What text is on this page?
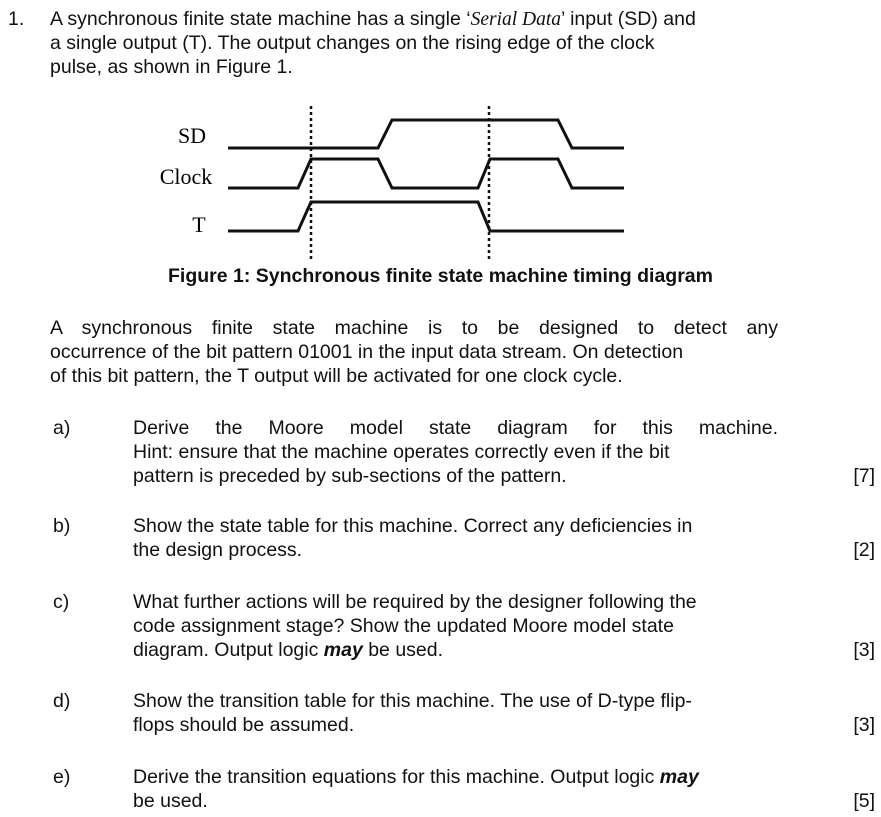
1. A synchronous finite state machine has a single ‘Serial Data’ input (SD) and
a single output (T). The output changes on the rising edge of the clock
pulse, as shown in Figure 1.
SD
Clock
T
Figure 1: Synchronous finite state machine timing diagram
A synchronous finite state machine is to be designed to detect any
occurrence of the bit pattern 01001 in the input data stream. On detection
of this bit pattern, the T output will be activated for one clock cycle.
a)	Derive the Moore model state diagram for this machine.
Hint: ensure that the machine operates correctly even if the bit
pattern is preceded by sub-sections of the pattern.	[7]
b)	Show the state table for this machine. Correct any deficiencies in
the design process.	[2]
c)	What further actions will be required by the designer following the
code assignment stage? Show the updated Moore model state
diagram. Output logic may be used.	[3]
d)	Show the transition table for this machine. The use of D-type flip-
flops should be assumed.	[3]
e)	Derive the transition equations for this machine. Output logic may
be used.	[5]
